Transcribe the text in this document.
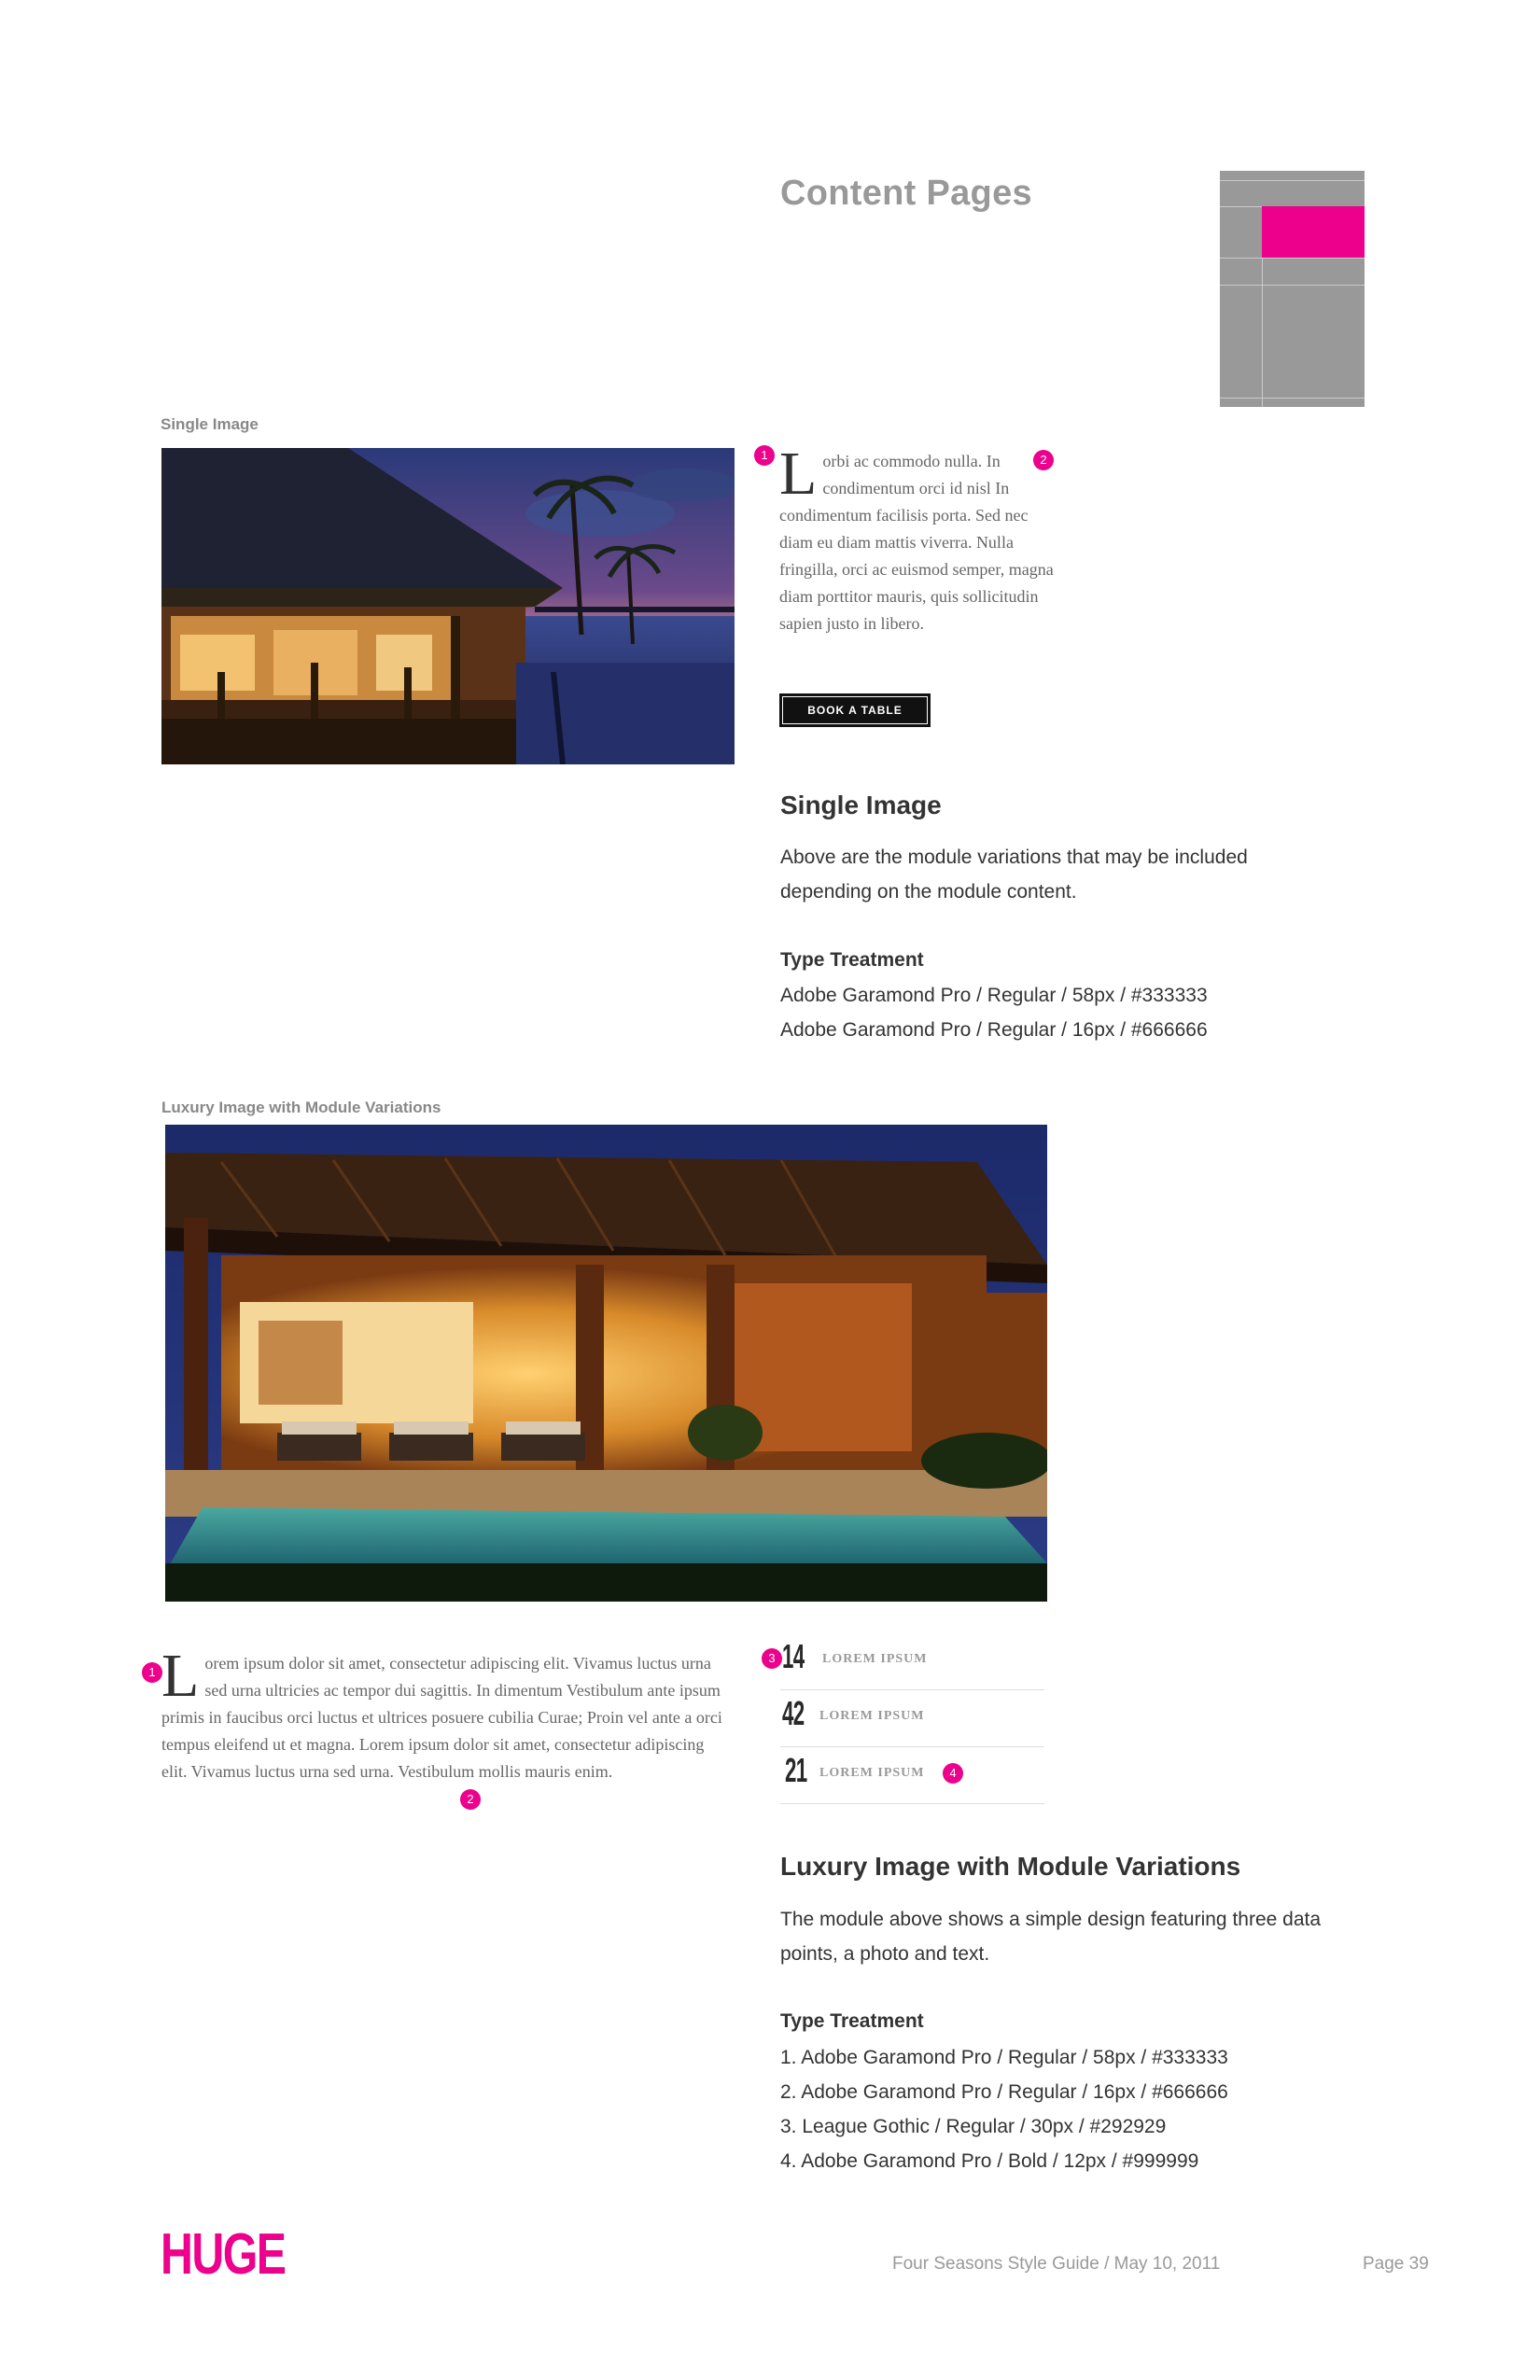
Content Pages
Single Image
1 Lorbi ac commodo nulla. In condimentum orci id nisl In condimentum facilisis porta. Sed nec diam eu diam mattis viverra. Nulla fringilla, orci ac euismod semper, magna diam porttitor mauris, quis sollicitudin sapien justo in libero.
2
BOOK A TABLE
Single Image
Above are the module variations that may be included depending on the module content.
Type Treatment
Adobe Garamond Pro / Regular / 58px / #333333
Adobe Garamond Pro / Regular / 16px / #666666
Luxury Image with Module Variations
1 Lorem ipsum dolor sit amet, consectetur adipiscing elit. Vivamus luctus urna sed urna ultricies ac tempor dui sagittis. In dimentum Vestibulum ante ipsum primis in faucibus orci luctus et ultrices posuere cubilia Curae; Proin vel ante a orci tempus eleifend ut et magna. Lorem ipsum dolor sit amet, consectetur adipiscing elit. Vivamus luctus urna sed urna. Vestibulum mollis mauris enim.
2
3 14 LOREM IPSUM
42 LOREM IPSUM
21 LOREM IPSUM	4
Luxury Image with Module Variations
The module above shows a simple design featuring three data points, a photo and text.
Type Treatment
1. Adobe Garamond Pro / Regular / 58px / #333333
2. Adobe Garamond Pro / Regular / 16px / #666666
3. League Gothic / Regular / 30px / #292929
4. Adobe Garamond Pro / Bold / 12px / #999999
HUGE	Four Seasons Style Guide / May 10, 2011	Page 39
